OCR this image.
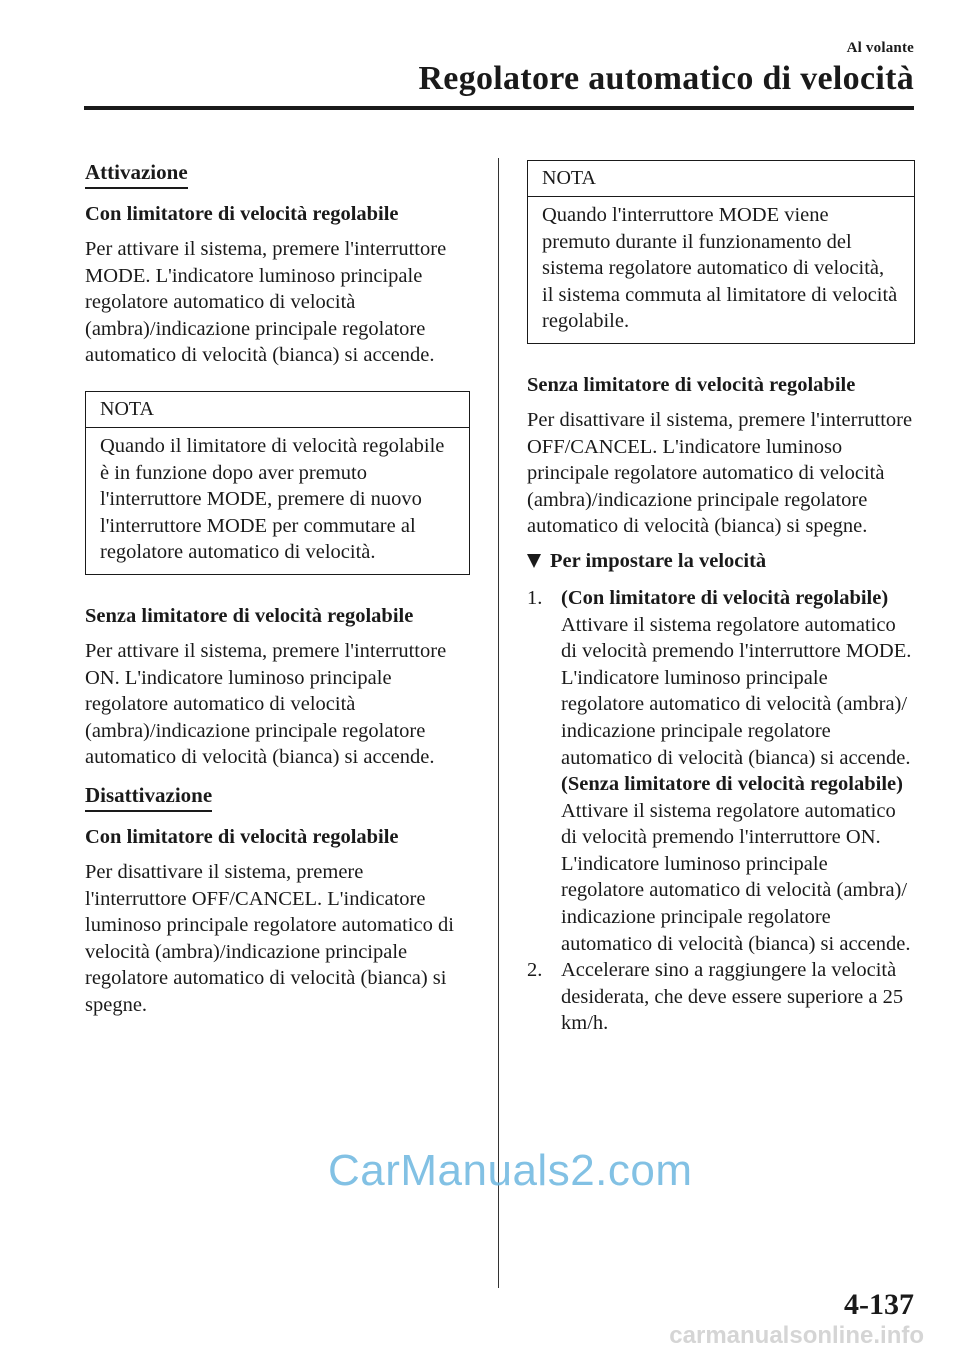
Al volante
Regolatore automatico di velocità
Attivazione
Con limitatore di velocità regolabile

Per attivare il sistema, premere l'interruttore MODE. L'indicatore luminoso principale regolatore automatico di velocità (ambra)/indicazione principale regolatore automatico di velocità (bianca) si accende.

NOTA

Quando il limitatore di velocità regolabile è in funzione dopo aver premuto l'interruttore MODE, premere di nuovo l'interruttore MODE per commutare al regolatore automatico di velocità.

Senza limitatore di velocità regolabile

Per attivare il sistema, premere l'interruttore ON. L'indicatore luminoso principale regolatore automatico di velocità (ambra)/indicazione principale regolatore automatico di velocità (bianca) si accende.

Disattivazione
Con limitatore di velocità regolabile

Per disattivare il sistema, premere l'interruttore OFF/CANCEL. L'indicatore luminoso principale regolatore automatico di velocità (ambra)/indicazione principale regolatore automatico di velocità (bianca) si spegne.

NOTA

Quando l'interruttore MODE viene premuto durante il funzionamento del sistema regolatore automatico di velocità, il sistema commuta al limitatore di velocità regolabile.

Senza limitatore di velocità regolabile

Per disattivare il sistema, premere l'interruttore OFF/CANCEL. L'indicatore luminoso principale regolatore automatico di velocità (ambra)/indicazione principale regolatore automatico di velocità (bianca) si spegne.

Per impostare la velocità
1. (Con limitatore di velocità regolabile)

Attivare il sistema regolatore automatico di velocità premendo l'interruttore MODE. L'indicatore luminoso principale regolatore automatico di velocità (ambra)/ indicazione principale regolatore automatico di velocità (bianca) si accende.

(Senza limitatore di velocità regolabile)

Attivare il sistema regolatore automatico di velocità premendo l'interruttore ON. L'indicatore luminoso principale regolatore automatico di velocità (ambra)/ indicazione principale regolatore automatico di velocità (bianca) si accende.

2. Accelerare sino a raggiungere la velocità desiderata, che deve essere superiore a 25 km/h.

CarManuals2.com
4-137
carmanualsonline.info
